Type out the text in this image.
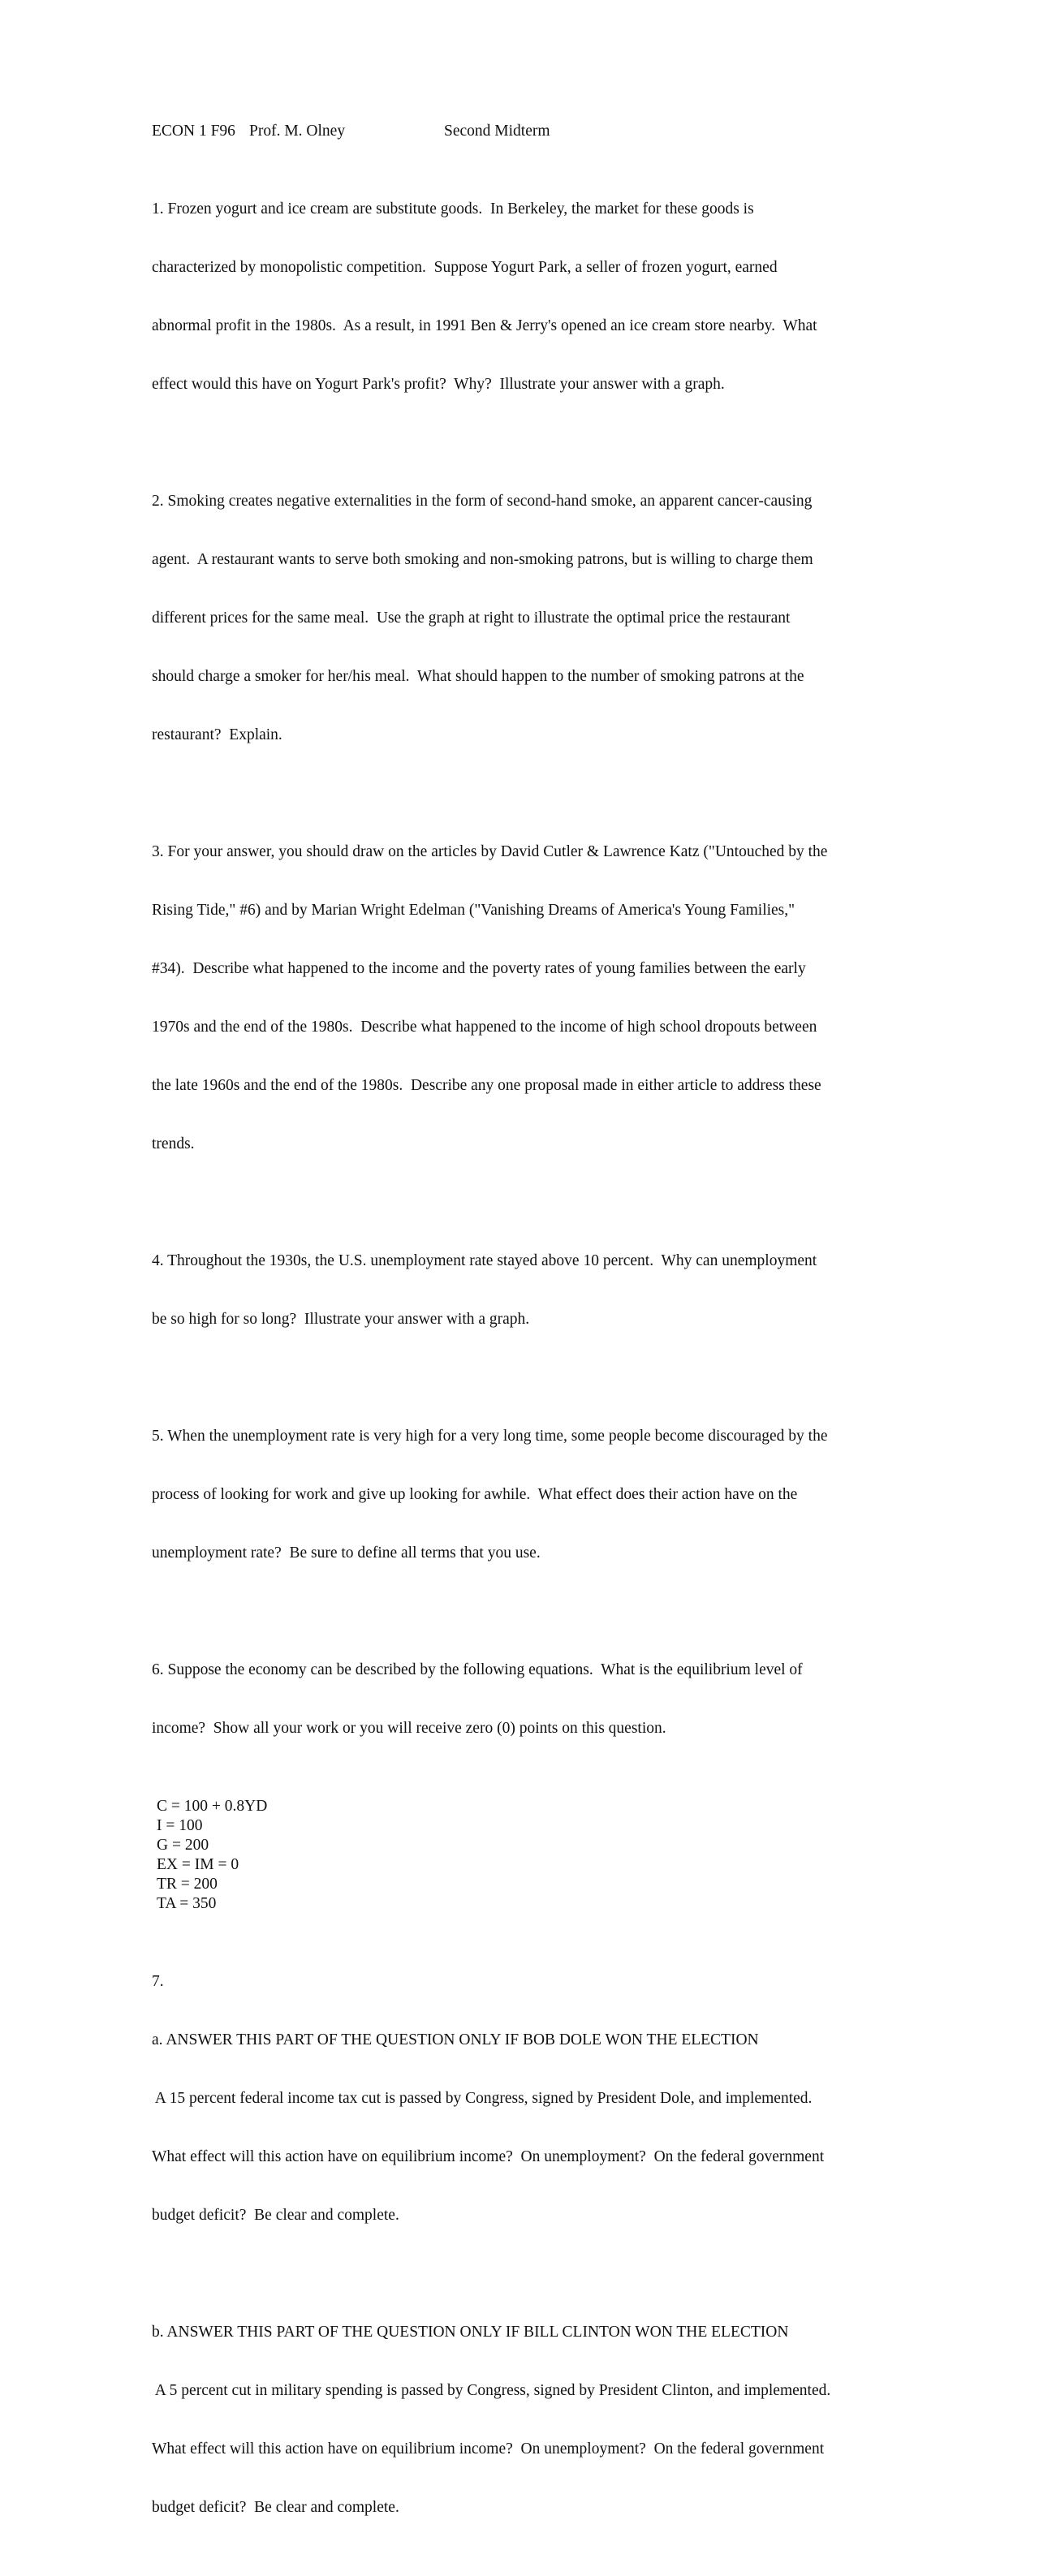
ECON 1 F96 Prof. M. Olney	Second Midterm

1. Frozen yogurt and ice cream are substitute goods.  In Berkeley, the market for these goods is

characterized by monopolistic competition.  Suppose Yogurt Park, a seller of frozen yogurt, earned

abnormal profit in the 1980s.  As a result, in 1991 Ben & Jerry's opened an ice cream store nearby.  What

effect would this have on Yogurt Park's profit?  Why?  Illustrate your answer with a graph.

2. Smoking creates negative externalities in the form of second-hand smoke, an apparent cancer-causing

agent.  A restaurant wants to serve both smoking and non-smoking patrons, but is willing to charge them

different prices for the same meal.  Use the graph at right to illustrate the optimal price the restaurant

should charge a smoker for her/his meal.  What should happen to the number of smoking patrons at the

restaurant?  Explain.

3. For your answer, you should draw on the articles by David Cutler & Lawrence Katz ("Untouched by the

Rising Tide," #6) and by Marian Wright Edelman ("Vanishing Dreams of America's Young Families,"

#34).  Describe what happened to the income and the poverty rates of young families between the early

1970s and the end of the 1980s.  Describe what happened to the income of high school dropouts between

the late 1960s and the end of the 1980s.  Describe any one proposal made in either article to address these

trends.

4. Throughout the 1930s, the U.S. unemployment rate stayed above 10 percent.  Why can unemployment

be so high for so long?  Illustrate your answer with a graph.

5. When the unemployment rate is very high for a very long time, some people become discouraged by the

process of looking for work and give up looking for awhile.  What effect does their action have on the

unemployment rate?  Be sure to define all terms that you use.

6. Suppose the economy can be described by the following equations.  What is the equilibrium level of

income?  Show all your work or you will receive zero (0) points on this question.

C = 100 + 0.8YD
I = 100
G = 200
EX = IM = 0
TR = 200
TA = 350

7.

a. ANSWER THIS PART OF THE QUESTION ONLY IF BOB DOLE WON THE ELECTION

A 15 percent federal income tax cut is passed by Congress, signed by President Dole, and implemented.

What effect will this action have on equilibrium income?  On unemployment?  On the federal government

budget deficit?  Be clear and complete.

b. ANSWER THIS PART OF THE QUESTION ONLY IF BILL CLINTON WON THE ELECTION

A 5 percent cut in military spending is passed by Congress, signed by President Clinton, and implemented.

What effect will this action have on equilibrium income?  On unemployment?  On the federal government

budget deficit?  Be clear and complete.
